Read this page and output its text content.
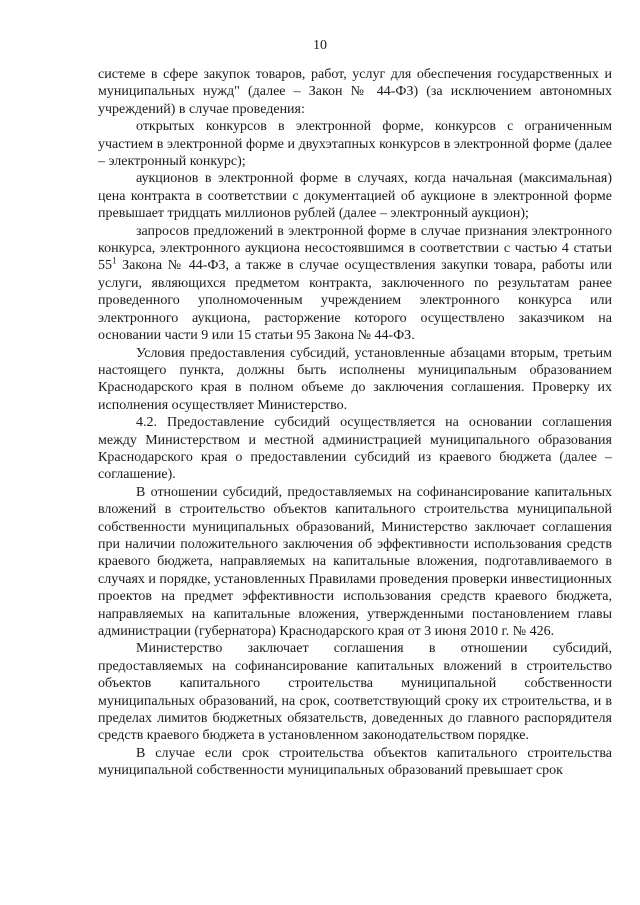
10

системе в сфере закупок товаров, работ, услуг для обеспечения государственных и муниципальных нужд" (далее – Закон № 44-ФЗ) (за исключением автономных учреждений) в случае проведения:

открытых конкурсов в электронной форме, конкурсов с ограниченным участием в электронной форме и двухэтапных конкурсов в электронной форме (далее – электронный конкурс);

аукционов в электронной форме в случаях, когда начальная (максимальная) цена контракта в соответствии с документацией об аукционе в электронной форме превышает тридцать миллионов рублей (далее – электронный аукцион);

запросов предложений в электронной форме в случае признания электронного конкурса, электронного аукциона несостоявшимся в соответствии с частью 4 статьи $55^1$ Закона № 44-ФЗ, а также в случае осуществления закупки товара, работы или услуги, являющихся предметом контракта, заключенного по результатам ранее проведенного уполномоченным учреждением электронного конкурса или электронного аукциона, расторжение которого осуществлено заказчиком на основании части 9 или 15 статьи 95 Закона № 44-ФЗ.

Условия предоставления субсидий, установленные абзацами вторым, третьим настоящего пункта, должны быть исполнены муниципальным образованием Краснодарского края в полном объеме до заключения соглашения. Проверку их исполнения осуществляет Министерство.

4.2. Предоставление субсидий осуществляется на основании соглашения между Министерством и местной администрацией муниципального образования Краснодарского края о предоставлении субсидий из краевого бюджета (далее – соглашение).

В отношении субсидий, предоставляемых на софинансирование капитальных вложений в строительство объектов капитального строительства муниципальной собственности муниципальных образований, Министерство заключает соглашения при наличии положительного заключения об эффективности использования средств краевого бюджета, направляемых на капитальные вложения, подготавливаемого в случаях и порядке, установленных Правилами проведения проверки инвестиционных проектов на предмет эффективности использования средств краевого бюджета, направляемых на капитальные вложения, утвержденными постановлением главы администрации (губернатора) Краснодарского края от 3 июня 2010 г. № 426.

Министерство заключает соглашения в отношении субсидий, предоставляемых на софинансирование капитальных вложений в строительство объектов капитального строительства муниципальной собственности муниципальных образований, на срок, соответствующий сроку их строительства, и в пределах лимитов бюджетных обязательств, доведенных до главного распорядителя средств краевого бюджета в установленном законодательством порядке.

В случае если срок строительства объектов капитального строительства муниципальной собственности муниципальных образований превышает срок
